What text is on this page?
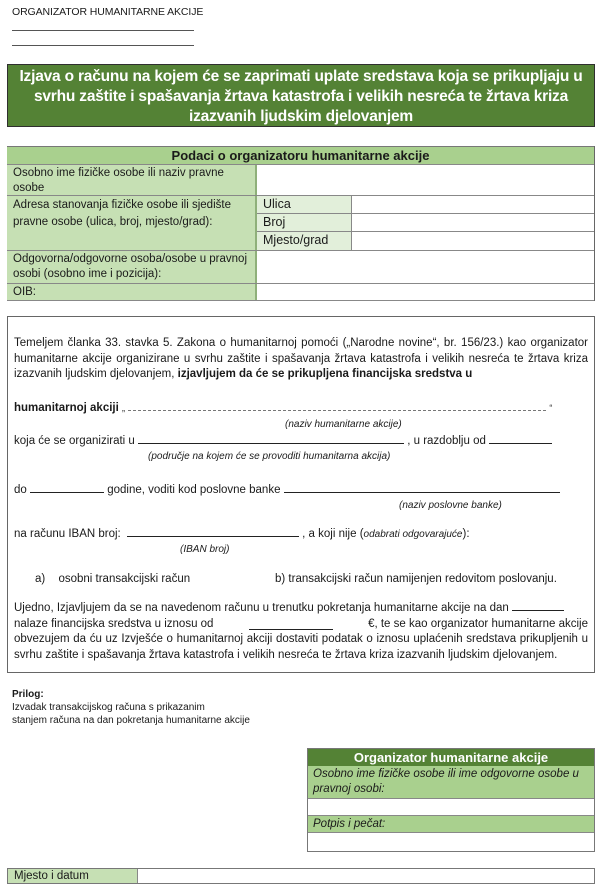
ORGANIZATOR HUMANITARNE AKCIJE
Izjava o računu na kojem će se zaprimati uplate sredstava koja se prikupljaju u
svrhu zaštite i spašavanja žrtava katastrofa i velikih nesreća te žrtava kriza
izazvanih ljudskim djelovanjem
Podaci o organizatoru humanitarne akcije
Osobno ime fizičke osobe ili naziv pravne osobe
Adresa stanovanja fizičke osobe ili sjedište pravne osobe (ulica, broj, mjesto/grad):
Ulica
Broj
Mjesto/grad
Odgovorna/odgovorne osoba/osobe u pravnoj osobi (osobno ime i pozicija):
OIB:
Temeljem članka 33. stavka 5. Zakona o humanitarnoj pomoći („Narodne novine“, br. 156/23.) kao organizator humanitarne akcije organizirane u svrhu zaštite i spašavanja žrtava katastrofa i velikih nesreća te žrtava kriza izazvanih ljudskim djelovanjem, izjavljujem da će se prikupljena financijska sredstva u
humanitarnoj akciji „	“
(naziv humanitarne akcije)
koja će se organizirati u	, u razdoblju od
(područje na kojem će se provoditi humanitarna akcija)
do	godine, voditi kod poslovne banke
(naziv poslovne banke)
na računu IBAN broj:	, a koji nije (odabrati odgovarajuće):
(IBAN broj)
a) osobni transakcijski račun	b) transakcijski račun namijenjen redovitom poslovanju.
Ujedno, Izjavljujem da se na navedenom računu u trenutku pokretanja humanitarne akcije na dan
nalaze financijska sredstva u iznosu od	€, te se kao organizator humanitarne akcije
obvezujem da ću uz Izvješće o humanitarnoj akciji dostaviti podatak o iznosu uplaćenih sredstava prikupljenih u svrhu zaštite i spašavanja žrtava katastrofa i velikih nesreća te žrtava kriza izazvanih ljudskim djelovanjem.
Prilog:
Izvadak transakcijskog računa s prikazanim
stanjem računa na dan pokretanja humanitarne akcije
Organizator humanitarne akcije
Osobno ime fizičke osobe ili ime odgovorne osobe u pravnoj osobi:
Potpis i pečat:
Mjesto i datum
